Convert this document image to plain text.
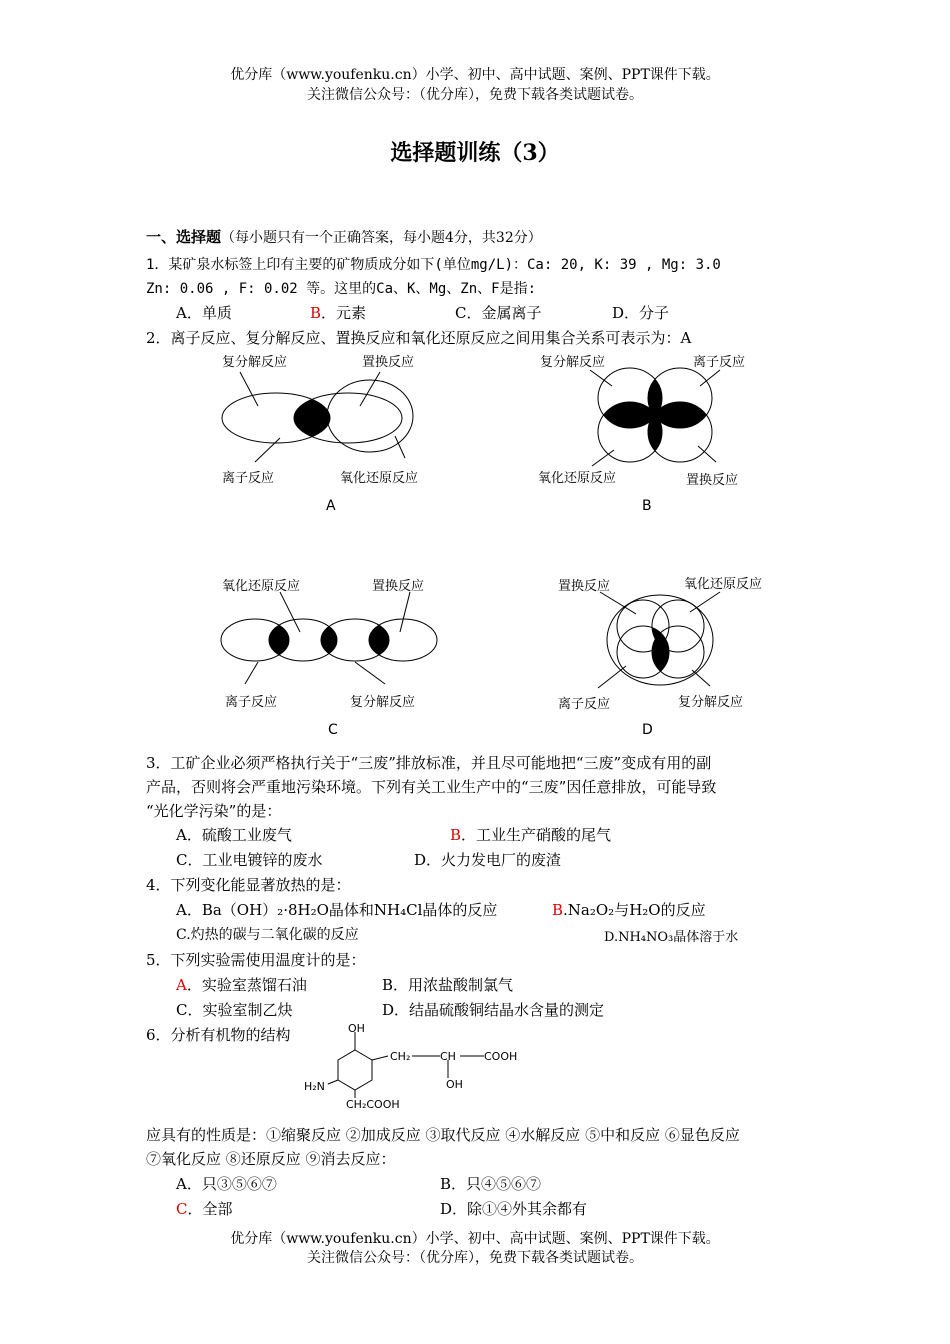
优分库（www.youfenku.cn）小学、初中、高中试题、案例、PPT课件下载。
关注微信公众号：（优分库），免费下载各类试题试卷。
选择题训练（3）
一、选择题（每小题只有一个正确答案，每小题4分，共32分）
1．某矿泉水标签上印有主要的矿物质成分如下(单位mg/L)：Ca: 20, K: 39 , Mg: 3.0
Zn: 0.06 , F: 0.02 等。这里的Ca、K、Mg、Zn、F是指:
A．单质	B．元素	C．金属离子	D．分子
2．离子反应、复分解反应、置换反应和氧化还原反应之间用集合关系可表示为：A
复分解反应	置换反应
离子反应	氧化还原反应
A
复分解反应	离子反应
氧化还原反应	置换反应
B
氧化还原反应	置换反应
离子反应	复分解反应
C
置换反应	氧化还原反应
离子反应	复分解反应
D
3．工矿企业必须严格执行关于“三废”排放标准，并且尽可能地把“三废”变成有用的副
产品，否则将会严重地污染环境。下列有关工业生产中的“三废”因任意排放，可能导致
“光化学污染”的是：
A．硫酸工业废气	B．工业生产硝酸的尾气
C．工业电镀锌的废水	D．火力发电厂的废渣
4．下列变化能显著放热的是：
A．Ba（OH）₂·8H₂O晶体和NH₄Cl晶体的反应	B.Na₂O₂与H₂O的反应
C.灼热的碳与二氧化碳的反应	D.NH₄NO₃晶体溶于水
5．下列实验需使用温度计的是：
A．实验室蒸馏石油	B．用浓盐酸制氯气
C．实验室制乙炔	D．结晶硫酸铜结晶水含量的测定
6．分析有机物的结构	OH
CH₂	CH	COOH
H₂N	OH
CH₂COOH
应具有的性质是：①缩聚反应 ②加成反应 ③取代反应 ④水解反应 ⑤中和反应 ⑥显色反应
⑦氧化反应 ⑧还原反应 ⑨消去反应：
A．只③⑤⑥⑦	B．只④⑤⑥⑦
C．全部	D．除①④外其余都有
优分库（www.youfenku.cn）小学、初中、高中试题、案例、PPT课件下载。
关注微信公众号：（优分库），免费下载各类试题试卷。
